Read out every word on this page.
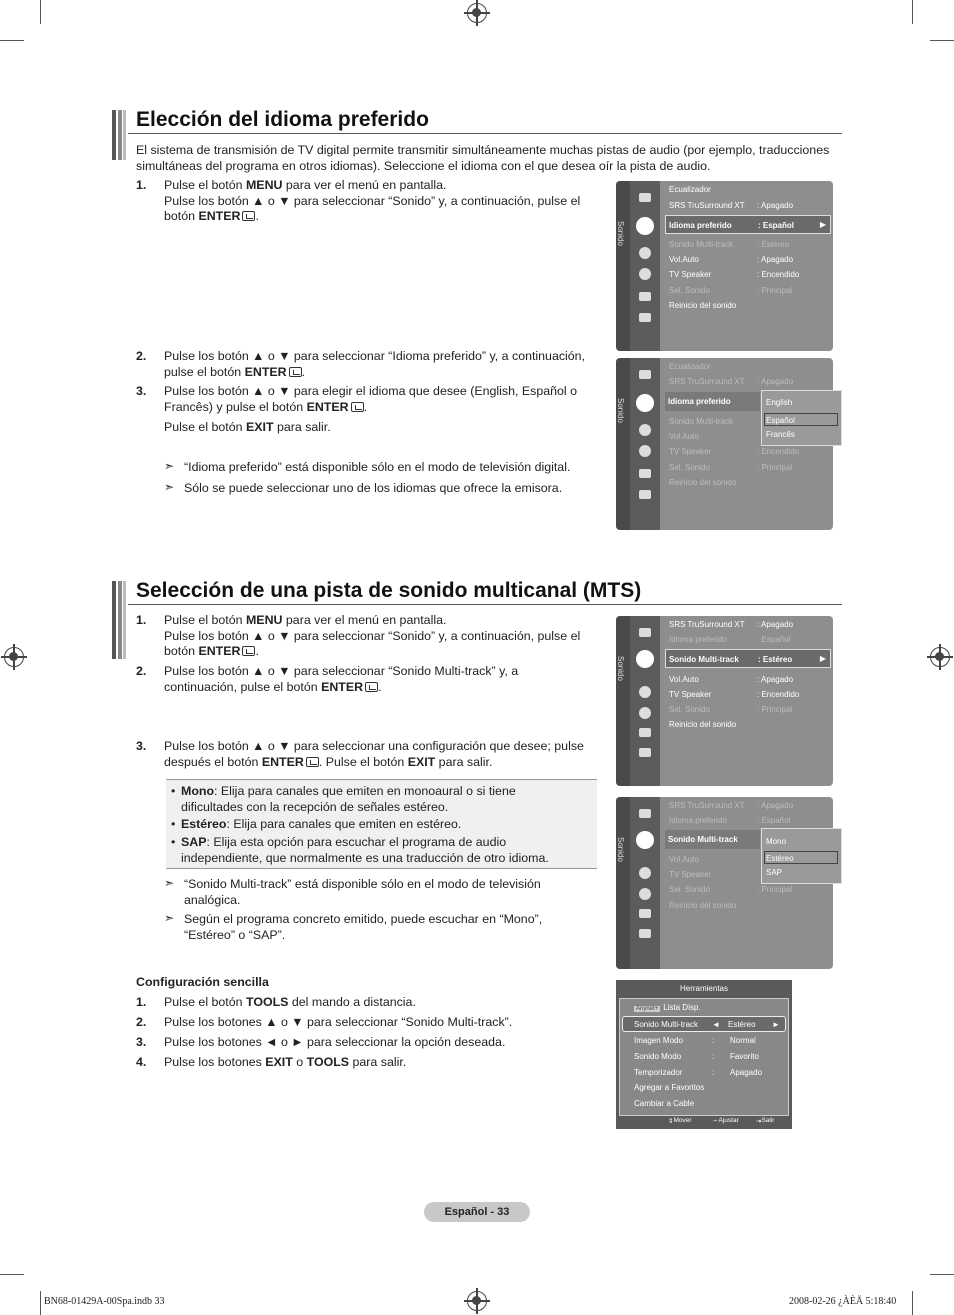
Elección del idioma preferido
El sistema de transmisión de TV digital permite transmitir simultáneamente muchas pistas de audio (por ejemplo, traducciones simultáneas del programa en otros idiomas). Seleccione el idioma con el que desea oír la pista de audio.
1. Pulse el botón MENU para ver el menú en pantalla.
Pulse los botón ▲ o ▼ para seleccionar “Sonido” y, a continuación, pulse el
botón ENTER .
2. Pulse los botón ▲ o ▼ para seleccionar “Idioma preferido” y, a continuación,
pulse el botón ENTER .
3. Pulse los botón ▲ o ▼ para elegir el idioma que desee (English, Español o
Francês) y pulse el botón ENTER .
Pulse el botón EXIT para salir.
➣ “Idioma preferido” está disponible sólo en el modo de televisión digital.
➣ Sólo se puede seleccionar uno de los idiomas que ofrece la emisora.
Sonido
Ecualizador
SRS TruSurround XT : Apagado
Idioma preferido	: Español	▶
Sonido Multi-track	: Estéreo
Vol.Auto	: Apagado
TV Speaker	: Encendido
Sel. Sonido	: Principal
Reinicio del sonido
Sonido
Ecualizador
SRS TruSurround XT : Apagado
Idioma preferido
Sonido Multi-track
Vol.Auto
TV Speaker	: Encendido
Sel. Sonido	: Principal
Reinicio del sonido
English
Español
Francês
Selección de una pista de sonido multicanal (MTS)
1. Pulse el botón MENU para ver el menú en pantalla.
Pulse los botón ▲ o ▼ para seleccionar “Sonido” y, a continuación, pulse el
botón ENTER .
2. Pulse los botón ▲ o ▼ para seleccionar “Sonido Multi-track” y, a
continuación, pulse el botón ENTER .
3. Pulse los botón ▲ o ▼ para seleccionar una configuración que desee; pulse
después el botón ENTER . Pulse el botón EXIT para salir.
• Mono: Elija para canales que emiten en monoaural o si tiene
dificultades con la recepción de señales estéreo.
• Estéreo: Elija para canales que emiten en estéreo.
• SAP: Elija esta opción para escuchar el programa de audio
independiente, que normalmente es una traducción de otro idioma.
➣ “Sonido Multi-track” está disponible sólo en el modo de televisión
analógica.
➣ Según el programa concreto emitido, puede escuchar en “Mono”,
“Estéreo” o “SAP”.
Configuración sencilla
1. Pulse el botón TOOLS del mando a distancia.
2. Pulse los botones ▲ o ▼ para seleccionar “Sonido Multi-track”.
3. Pulse los botones ◄ o ► para seleccionar la opción deseada.
4. Pulse los botones EXIT o TOOLS para salir.
Sonido
SRS TruSurround XT : Apagado
Idioma preferido	: Español
Sonido Multi-track : Estéreo	▶
Vol.Auto	: Apagado
TV Speaker	: Encendido
Sel. Sonido	: Principal
Reinicio del sonido
Sonido
SRS TruSurround XT : Apagado
Idioma preferido	: Español
Sonido Multi-track
Vol.Auto
TV Speaker
Sel. Sonido	: Principal
Reinicio del sonido
Mono
Estéreo
SAP
Herramientas
Anynet+ Lista Disp.
Sonido Multi-track ◄ Estéreo ►
Imagen Modo	: Normal
Sonido Modo	: Favorito
Temporizador	: Apagado
Agregar a Favoritos
Cambiar a Cable
⇕ Mover	⇔ Ajustar	⇥ Salir
Español - 33
BN68-01429A-00Spa.indb 33	2008-02-26 ¿ÀÈÄ 5:18:40
